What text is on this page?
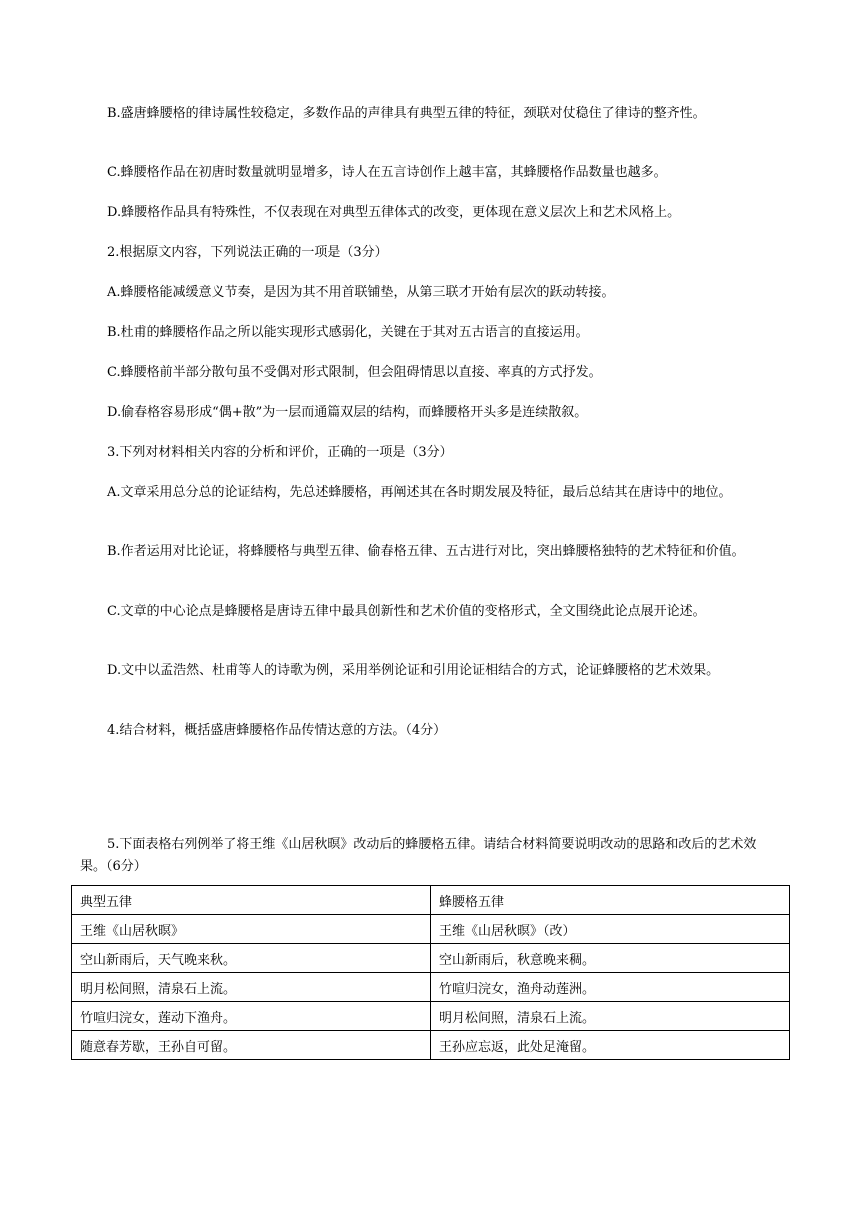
B.盛唐蜂腰格的律诗属性较稳定，多数作品的声律具有典型五律的特征，颈联对仗稳住了律诗的整齐性。

C.蜂腰格作品在初唐时数量就明显增多，诗人在五言诗创作上越丰富，其蜂腰格作品数量也越多。

D.蜂腰格作品具有特殊性，不仅表现在对典型五律体式的改变，更体现在意义层次上和艺术风格上。

2.根据原文内容，下列说法正确的一项是（3分）

A.蜂腰格能减缓意义节奏，是因为其不用首联铺垫，从第三联才开始有层次的跃动转接。

B.杜甫的蜂腰格作品之所以能实现形式感弱化，关键在于其对五古语言的直接运用。

C.蜂腰格前半部分散句虽不受偶对形式限制，但会阻碍情思以直接、率真的方式抒发。

D.偷春格容易形成“偶+散”为一层而通篇双层的结构，而蜂腰格开头多是连续散叙。

3.下列对材料相关内容的分析和评价，正确的一项是（3分）

A.文章采用总分总的论证结构，先总述蜂腰格，再阐述其在各时期发展及特征，最后总结其在唐诗中的地位。

B.作者运用对比论证，将蜂腰格与典型五律、偷春格五律、五古进行对比，突出蜂腰格独特的艺术特征和价值。

C.文章的中心论点是蜂腰格是唐诗五律中最具创新性和艺术价值的变格形式，全文围绕此论点展开论述。

D.文中以孟浩然、杜甫等人的诗歌为例，采用举例论证和引用论证相结合的方式，论证蜂腰格的艺术效果。

4.结合材料，概括盛唐蜂腰格作品传情达意的方法。（4分）

5.下面表格右列例举了将王维《山居秋暝》改动后的蜂腰格五律。请结合材料简要说明改动的思路和改后的艺术效果。（6分）

典型五律	蜂腰格五律
王维《山居秋暝》	王维《山居秋暝》（改）
空山新雨后，天气晚来秋。	空山新雨后，秋意晚来稠。
明月松间照，清泉石上流。	竹喧归浣女，渔舟动莲洲。
竹喧归浣女，莲动下渔舟。	明月松间照，清泉石上流。
随意春芳歇，王孙自可留。	王孙应忘返，此处足淹留。
